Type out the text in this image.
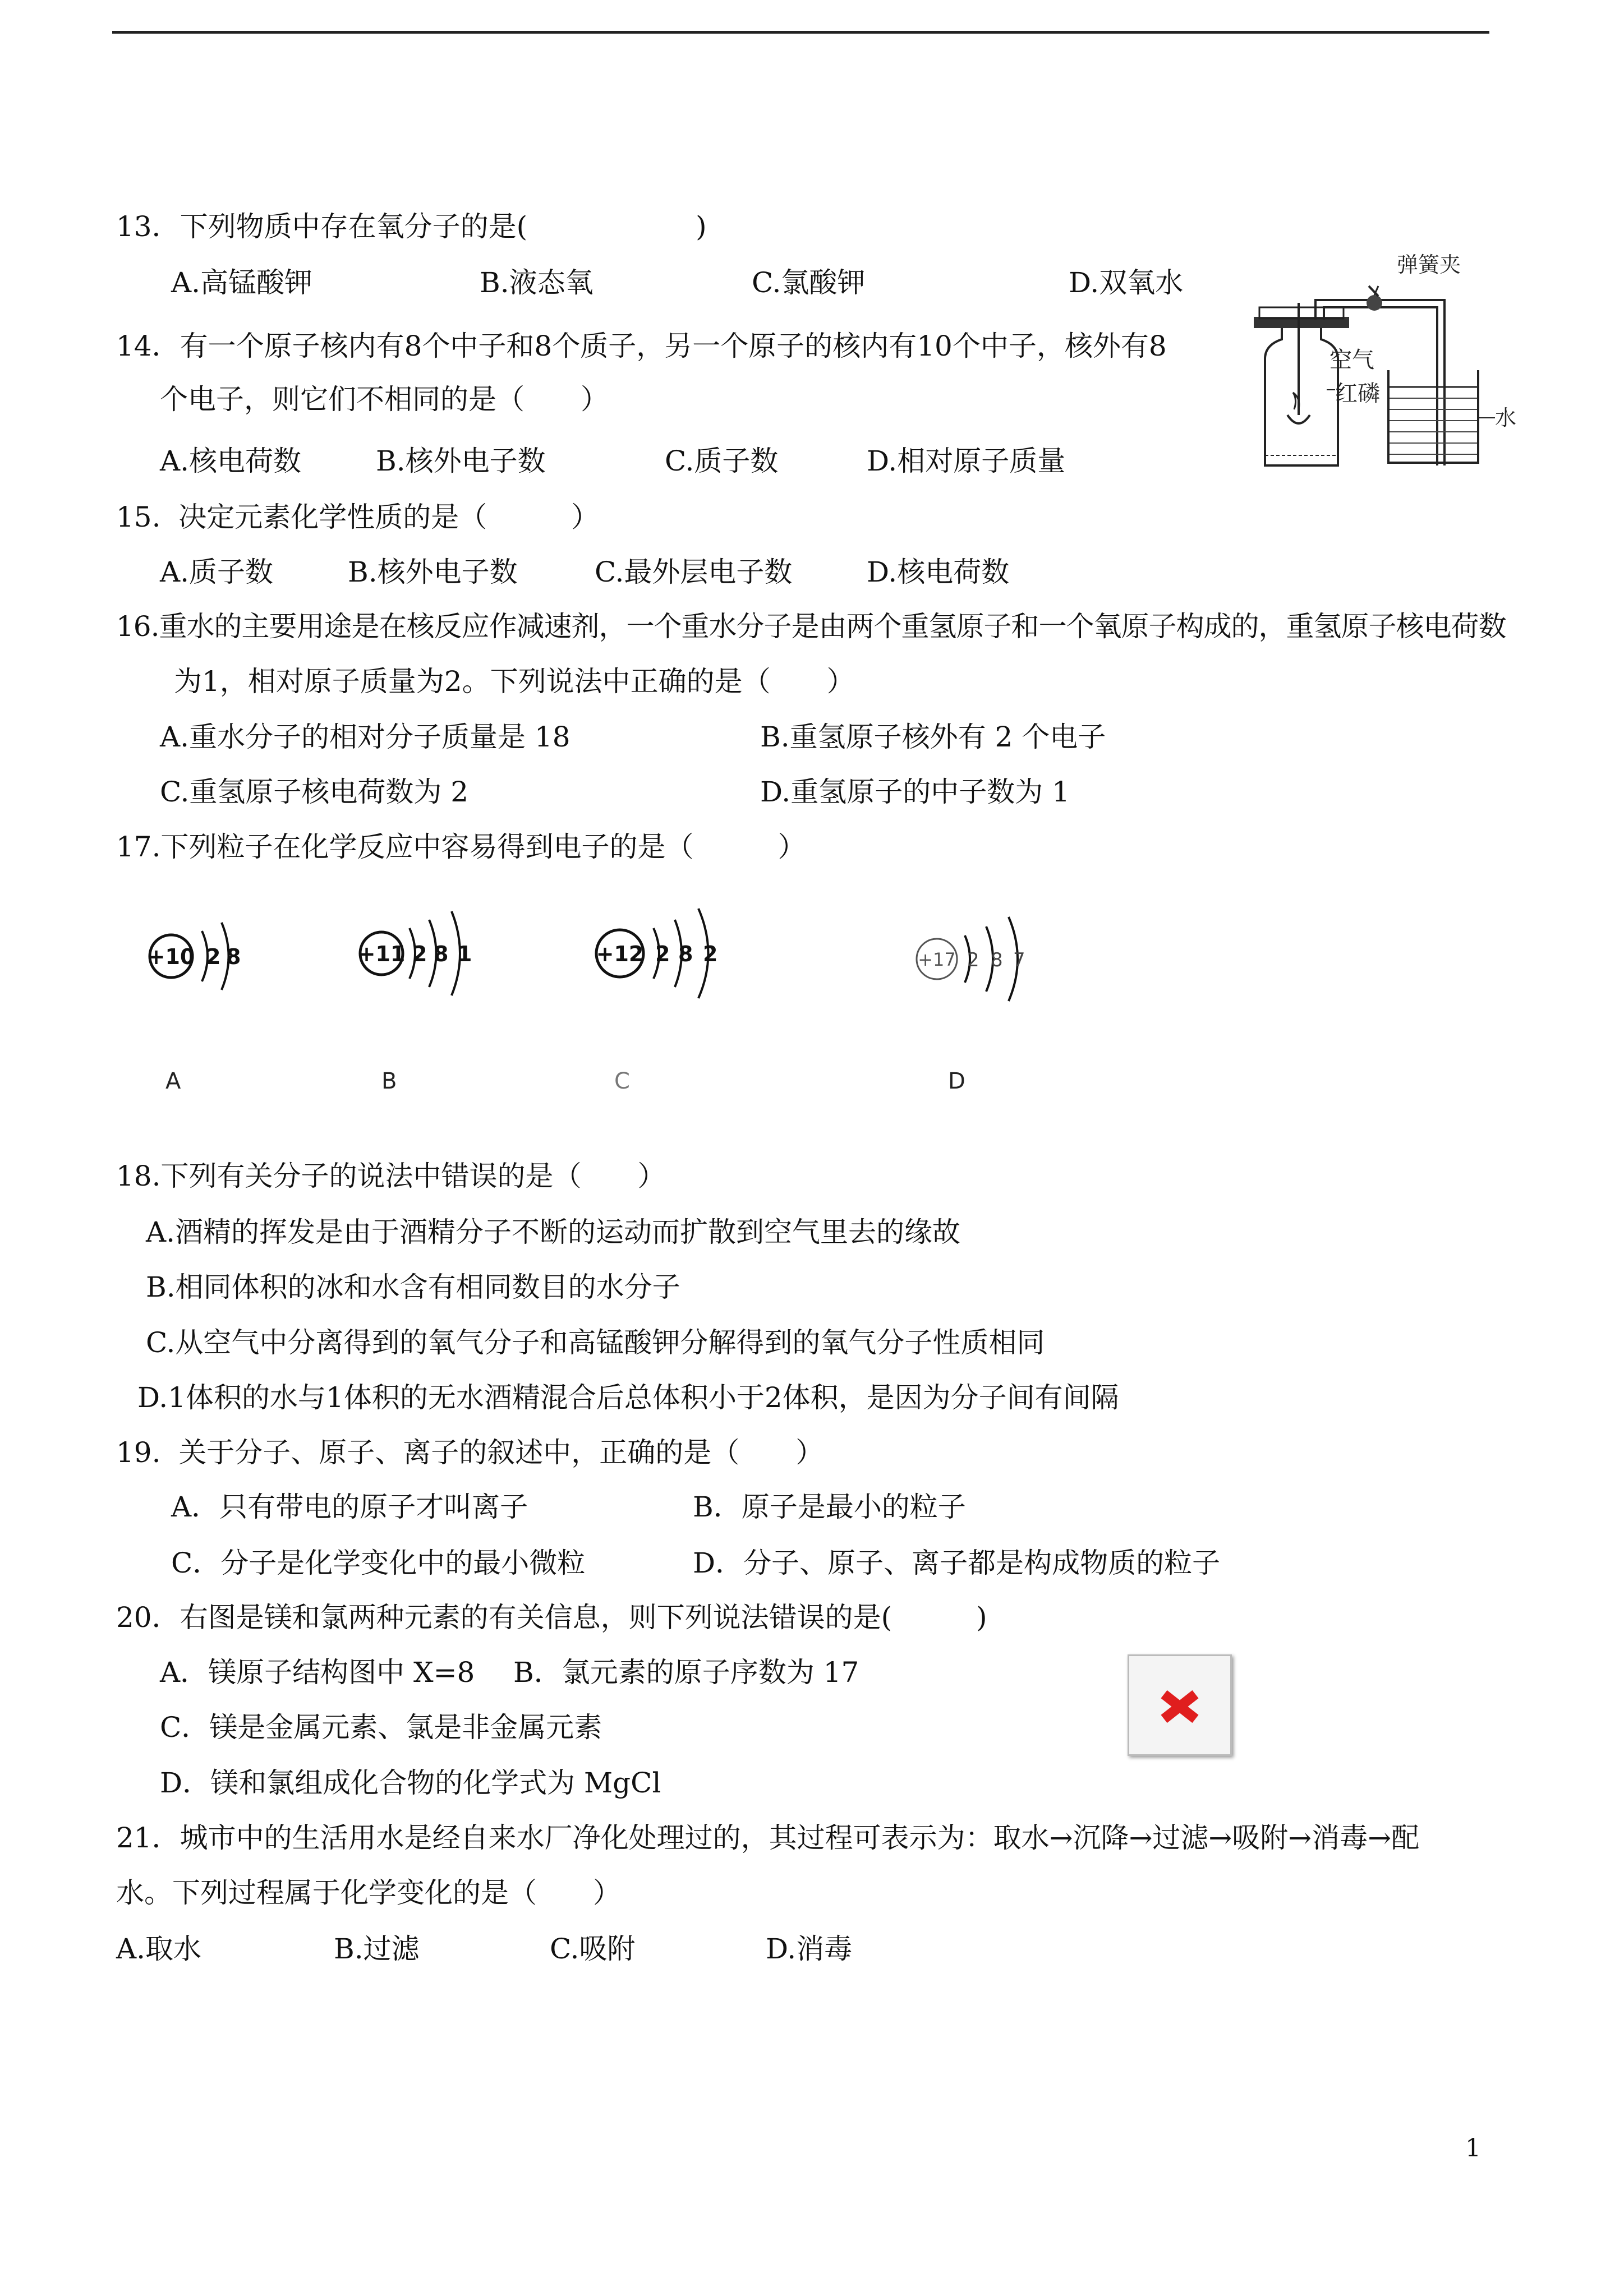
13．下列物质中存在氧分子的是(　　　　　　)
A.高锰酸钾	B.液态氧	C.氯酸钾	D.双氧水
14．有一个原子核内有8个中子和8个质子，另一个原子的核内有10个中子，核外有8
个电子，则它们不相同的是（　　）
A.核电荷数	B.核外电子数	C.质子数	D.相对原子质量
弹簧夹
空气
红磷
水
15.  决定元素化学性质的是（　　　）
A.质子数	B.核外电子数	C.最外层电子数	D.核电荷数
16.重水的主要用途是在核反应作减速剂，一个重水分子是由两个重氢原子和一个氧原子构成的，重氢原子核电荷数
为1，相对原子质量为2。下列说法中正确的是（　　）
A.重水分子的相对分子质量是 18	B.重氢原子核外有 2 个电子
C.重氢原子核电荷数为 2	D.重氢原子的中子数为 1
17.下列粒子在化学反应中容易得到电子的是（　　　）
+10 2 8	+11 2 8 1	+12 2 8 2	+17 2 8 7
A	B	C	D
18.下列有关分子的说法中错误的是（　　）
A.酒精的挥发是由于酒精分子不断的运动而扩散到空气里去的缘故
B.相同体积的冰和水含有相同数目的水分子
C.从空气中分离得到的氧气分子和高锰酸钾分解得到的氧气分子性质相同
D.1体积的水与1体积的无水酒精混合后总体积小于2体积，是因为分子间有间隔
19.  关于分子、原子、离子的叙述中，正确的是（　　）
A．只有带电的原子才叫离子	B．原子是最小的粒子
C．分子是化学变化中的最小微粒	D．分子、原子、离子都是构成物质的粒子
20．右图是镁和氯两种元素的有关信息，则下列说法错误的是(　　　)
A．镁原子结构图中 X=8 B．氯元素的原子序数为 17
C．镁是金属元素、氯是非金属元素
D．镁和氯组成化合物的化学式为 MgCl
21．城市中的生活用水是经自来水厂净化处理过的，其过程可表示为：取水→沉降→过滤→吸附→消毒→配
水。下列过程属于化学变化的是（　　）
A.取水	B.过滤	C.吸附	D.消毒
1
